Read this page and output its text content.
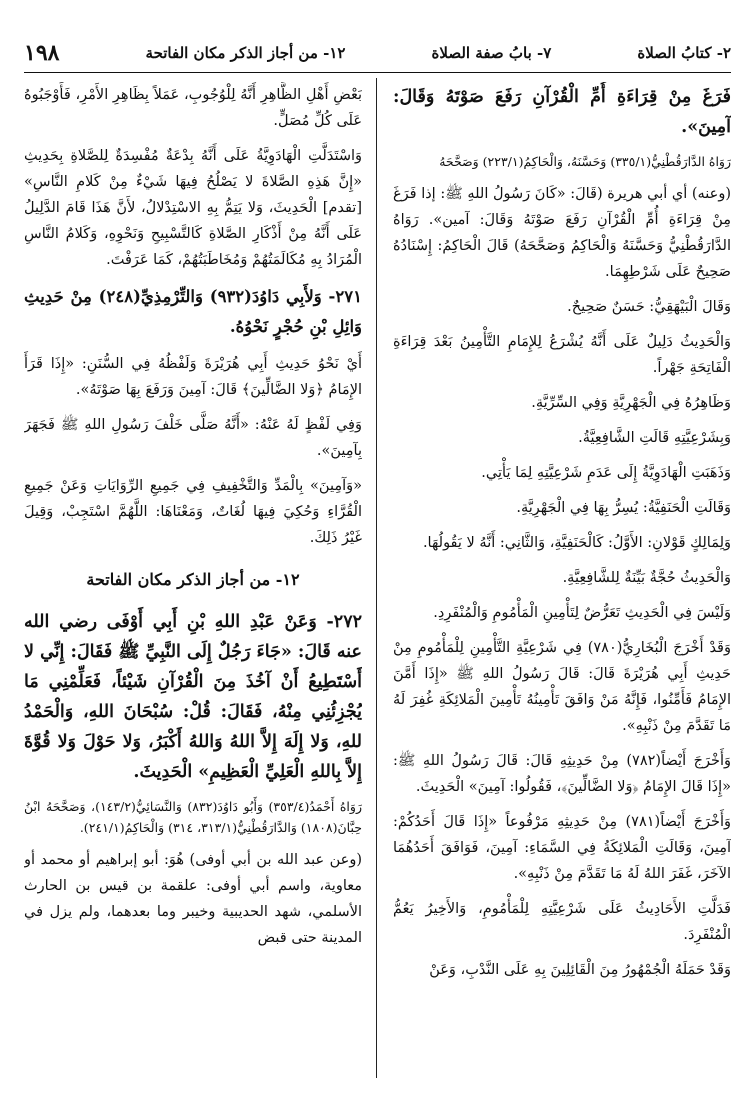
٢- كتابُ الصلاة
٧- بابُ صفة الصلاة
١٢- من أجاز الذكر مكان الفاتحة
١٩٨
فَرَغَ مِنْ قِرَاءَةِ أُمِّ الْقُرْآنِ رَفَعَ صَوْتَهُ وَقَالَ: آمِينَ».
رَوَاهُ الدَّارَقُطْنِيُّ(٣٣٥/١) وَحَسَّنَهُ، وَالْحَاكِمُ(٢٢٣/١) وَصَحَّحَهُ
(وعنه) أي أبي هريرة (قَالَ: «كَانَ رَسُولُ اللهِ ﷺ: إذا فَرَغَ مِنْ قِرَاءَةِ أُمِّ الْقُرْآنِ رَفَعَ صَوْتَهُ وَقَالَ: آمين». رَوَاهُ الدَّارَقُطْنِيُّ وَحَسَّنَهُ وَالْحَاكِمُ وَصَحَّحَهُ) قَالَ الْحَاكِمُ: إِسْنَادُهُ صَحِيحٌ عَلَى شَرْطِهِمَا.
وَقَالَ الْبَيْهَقِيُّ: حَسَنٌ صَحِيحٌ.
وَالْحَدِيثُ دَلِيلٌ عَلَى أَنَّهُ يُشْرَعُ لِلإِمَامِ التَّأْمِينُ بَعْدَ قِرَاءَةِ الْفَاتِحَةِ جَهْراً.
وَظَاهِرُهُ فِي الْجَهْرِيَّةِ وَفِي السِّرِّيَّةِ.
وَبِشَرْعِيَّتِهِ قَالَتِ الشَّافِعِيَّةُ.
وَذَهَبَتِ الْهَادَوِيَّةُ إِلَى عَدَمِ شَرْعِيَّتِهِ لِمَا يَأْتِي.
وَقَالَتِ الْحَنَفِيَّةُ: يُسِرُّ بِهَا فِي الْجَهْرِيَّةِ.
وَلِمَالِكٍ قَوْلانِ: الأَوَّلُ: كَالْحَنَفِيَّةِ، وَالثَّانِي: أَنَّهُ لا يَقُولُهَا.
وَالْحَدِيثُ حُجَّةٌ بَيِّنَةٌ لِلشَّافِعِيَّةِ.
وَلَيْسَ فِي الْحَدِيثِ تَعَرُّضٌ لِتَأْمِينِ الْمَأْمُومِ وَالْمُنْفَرِدِ.
وَقَدْ أَخْرَجَ الْبُخَارِيُّ(٧٨٠) فِي شَرْعِيَّةِ التَّأْمِينِ لِلْمَأْمُومِ مِنْ حَدِيثِ أَبِي هُرَيْرَةَ قَالَ: قَالَ رَسُولُ اللهِ ﷺ «إِذَا أَمَّنَ الإِمَامُ فَأَمِّنُوا، فَإِنَّهُ مَنْ وَافَقَ تَأْمِينُهُ تَأْمِينَ الْمَلائِكَةِ غُفِرَ لَهُ مَا تَقَدَّمَ مِنْ ذَنْبِهِ».
وَأَخْرَجَ أَيْضاً(٧٨٢) مِنْ حَدِيثِهِ قَالَ: قَالَ رَسُولُ اللهِ ﷺ: «إِذَا قَالَ الإِمَامُ ﴿وَلا الضَّالِّينَ﴾، فَقُولُوا: آمِينَ» الْحَدِيثَ.
وَأَخْرَجَ أَيْضاً(٧٨١) مِنْ حَدِيثِهِ مَرْفُوعاً «إِذَا قَالَ أَحَدُكُمْ: آمِينَ، وَقَالَتِ الْمَلائِكَةُ فِي السَّمَاءِ: آمِينَ، فَوَافَقَ أَحَدُهُمَا الآخَرَ، غَفَرَ اللهُ لَهُ مَا تَقَدَّمَ مِنْ ذَنْبِهِ».
فَدَلَّتِ الأَحَادِيثُ عَلَى شَرْعِيَّتِهِ لِلْمَأْمُومِ، وَالأَخِيرُ يَعُمُّ الْمُنْفَرِدَ.
وَقَدْ حَمَلَهُ الْجُمْهُورُ مِنَ الْقَائِلِينَ بِهِ عَلَى النَّدْبِ، وَعَنْ
بَعْضِ أَهْلِ الظَّاهِرِ أَنَّهُ لِلْوُجُوبِ، عَمَلاً بِظَاهِرِ الأَمْرِ، فَأَوْجَبُوهُ عَلَى كُلِّ مُصَلٍّ.
وَاسْتَدَلَّتِ الْهَادَوِيَّةُ عَلَى أَنَّهُ بِدْعَةٌ مُفْسِدَةٌ لِلصَّلاةِ بِحَدِيثِ «إِنَّ هَذِهِ الصَّلاةَ لا يَصْلُحُ فِيهَا شَيْءٌ مِنْ كَلامِ النَّاسِ» [تقدم] الْحَدِيثَ، وَلا يَتِمُّ بِهِ الاسْتِدْلالُ، لأَنَّ هَذَا قَامَ الدَّلِيلُ عَلَى أَنَّهُ مِنْ أَذْكَارِ الصَّلاةِ كَالتَّسْبِيحِ وَنَحْوِهِ، وَكَلامُ النَّاسِ الْمُرَادُ بِهِ مُكَالَمَتُهُمْ وَمُخَاطَبَتُهُمْ، كَمَا عَرَفْتَ.
٢٧١- وَلأَبِي دَاوُدَ(٩٣٢) وَالتِّرْمِذِيِّ(٢٤٨) مِنْ حَدِيثِ وَائِلِ بْنِ حُجْرٍ نَحْوُهُ.
أَيْ نَحْوُ حَدِيثِ أَبِي هُرَيْرَةَ وَلَفْظُهُ فِي السُّنَنِ: «إِذَا قَرَأَ الإِمَامُ ﴿وَلا الضَّالِّينَ﴾ قَالَ: آمِينَ وَرَفَعَ بِهَا صَوْتَهُ».
وَفِي لَفْظٍ لَهُ عَنْهُ: «أَنَّهُ صَلَّى خَلْفَ رَسُولِ اللهِ ﷺ فَجَهَرَ بِآمِينَ».
«وَآمِينَ» بِالْمَدِّ وَالتَّخْفِيفِ فِي جَمِيعِ الرِّوَايَاتِ وَعَنْ جَمِيعِ الْقُرَّاءِ وَحُكِيَ فِيهَا لُغَاتٌ، وَمَعْنَاهَا: اللَّهُمَّ اسْتَجِبْ، وَقِيلَ غَيْرُ ذَلِكَ.
١٢- من أجاز الذكر مكان الفاتحة
٢٧٢- وَعَنْ عَبْدِ اللهِ بْنِ أَبِي أَوْفَى رضي الله عنه قَالَ: «جَاءَ رَجُلٌ إِلَى النَّبِيِّ ﷺ فَقَالَ: إِنِّي لا أَسْتَطِيعُ أَنْ آخُذَ مِنَ الْقُرْآنِ شَيْئاً، فَعَلِّمْنِي مَا يُجْزِئُنِي مِنْهُ، فَقَالَ: قُلْ: سُبْحَانَ اللهِ، وَالْحَمْدُ للهِ، وَلا إِلَهَ إِلاَّ اللهُ وَاللهُ أَكْبَرُ، وَلا حَوْلَ وَلا قُوَّةَ إِلاَّ بِاللهِ الْعَلِيِّ الْعَظِيمِ» الْحَدِيثَ.
رَوَاهُ أَحْمَدُ(٣٥٣/٤) وَأَبُو دَاوُدَ(٨٣٢) وَالنَّسَائِيُّ(١٤٣/٢)، وَصَحَّحَهُ ابْنُ حِبَّانَ(١٨٠٨) وَالدَّارَقُطْنِيُّ(٣١٣/١، ٣١٤) وَالْحَاكِمُ(٢٤١/١).
(وعن عبد الله بن أبي أوفى) هُوَ: أبو إبراهيم أو محمد أو معاوية، واسم أبي أوفى: علقمة بن قيس بن الحارث الأسلمي، شهد الحديبية وخيبر وما بعدهما، ولم يزل في المدينة حتى قبض
